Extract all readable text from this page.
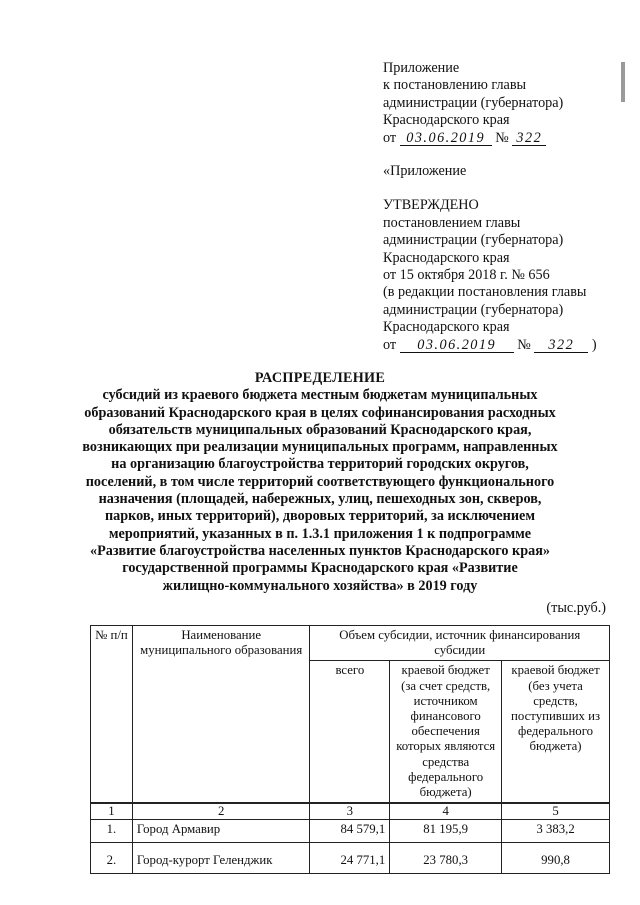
Приложение
к постановлению главы
администрации (губернатора)
Краснодарского края
от 03.06.2019 № 322
«Приложение
УТВЕРЖДЕНО
постановлением главы
администрации (губернатора)
Краснодарского края
от 15 октября 2018 г. № 656
(в редакции постановления главы
администрации (губернатора)
Краснодарского края
от 03.06.2019 № 322 )
РАСПРЕДЕЛЕНИЕ
субсидий из краевого бюджета местным бюджетам муниципальных
образований Краснодарского края в целях софинансирования расходных
обязательств муниципальных образований Краснодарского края,
возникающих при реализации муниципальных программ, направленных
на организацию благоустройства территорий городских округов,
поселений, в том числе территорий соответствующего функционального
назначения (площадей, набережных, улиц, пешеходных зон, скверов,
парков, иных территорий), дворовых территорий, за исключением
мероприятий, указанных в п. 1.3.1 приложения 1 к подпрограмме
«Развитие благоустройства населенных пунктов Краснодарского края»
государственной программы Краснодарского края «Развитие
жилищно-коммунального хозяйства» в 2019 году
(тыс.руб.)
№ п/п	Наименование муниципального образования	Объем субсидии, источник финансирования субсидии		
		всего	краевой бюджет (за счет средств, источником финансового обеспечения которых являются средства федерального бюджета)	краевой бюджет (без учета средств, поступивших из федерального бюджета)
1	2	3	4	5
1.	Город Армавир	84 579,1	81 195,9	3 383,2
2.	Город-курорт Геленджик	24 771,1	23 780,3	990,8
